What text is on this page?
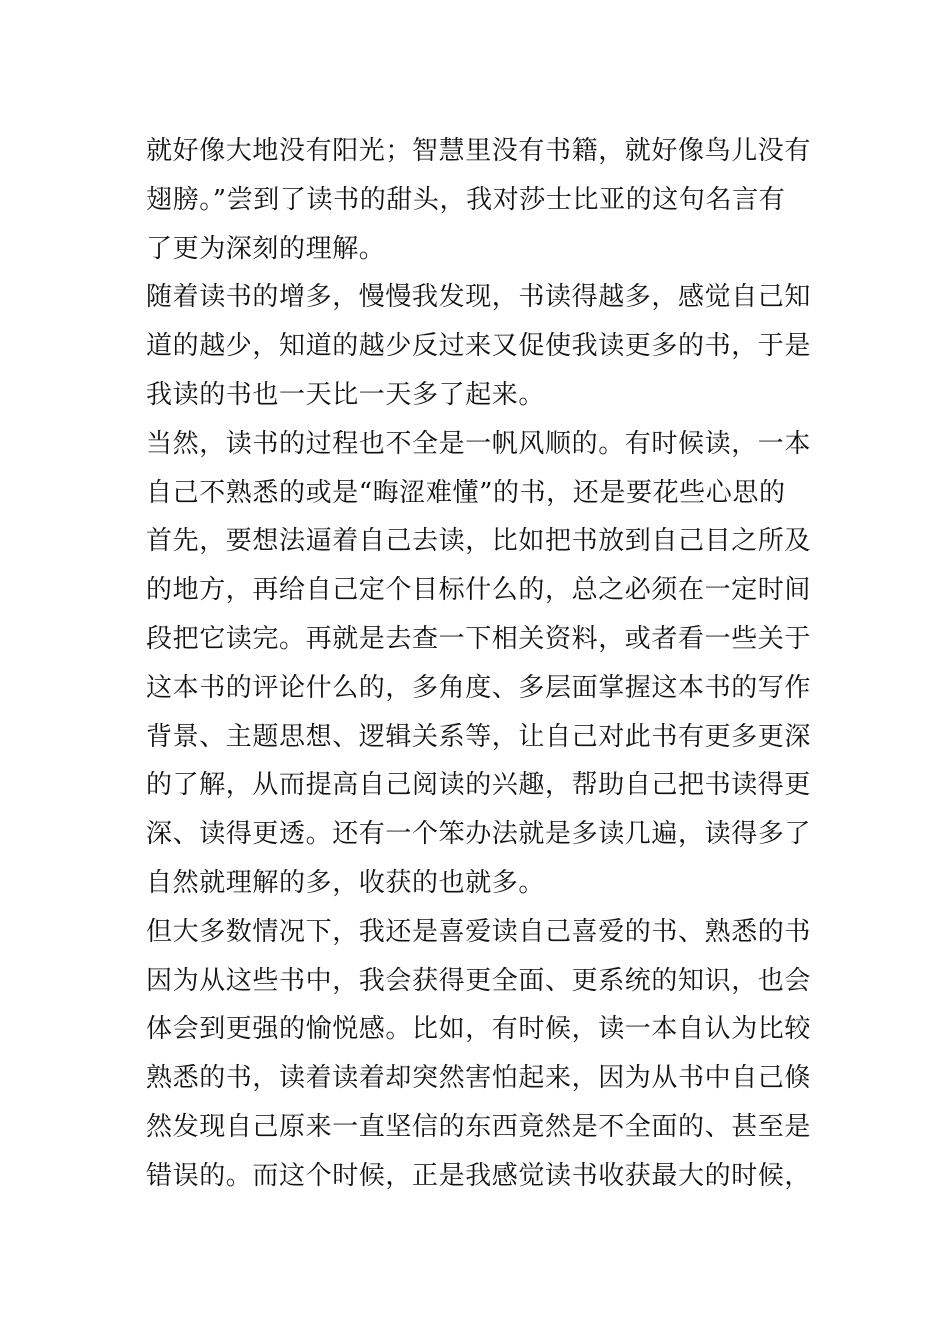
就好像大地没有阳光；智慧里没有书籍，就好像鸟儿没有
翅膀。”尝到了读书的甜头，我对莎士比亚的这句名言有
了更为深刻的理解。
随着读书的增多，慢慢我发现，书读得越多，感觉自己知
道的越少，知道的越少反过来又促使我读更多的书，于是
我读的书也一天比一天多了起来。
当然，读书的过程也不全是一帆风顺的。有时候读，一本
自己不熟悉的或是“晦涩难懂”的书，还是要花些心思的
首先，要想法逼着自己去读，比如把书放到自己目之所及
的地方，再给自己定个目标什么的，总之必须在一定时间
段把它读完。再就是去查一下相关资料，或者看一些关于
这本书的评论什么的，多角度、多层面掌握这本书的写作
背景、主题思想、逻辑关系等，让自己对此书有更多更深
的了解，从而提高自己阅读的兴趣，帮助自己把书读得更
深、读得更透。还有一个笨办法就是多读几遍，读得多了
自然就理解的多，收获的也就多。
但大多数情况下，我还是喜爱读自己喜爱的书、熟悉的书
因为从这些书中，我会获得更全面、更系统的知识，也会
体会到更强的愉悦感。比如，有时候，读一本自认为比较
熟悉的书，读着读着却突然害怕起来，因为从书中自己倏
然发现自己原来一直坚信的东西竟然是不全面的、甚至是
错误的。而这个时候，正是我感觉读书收获最大的时候，
